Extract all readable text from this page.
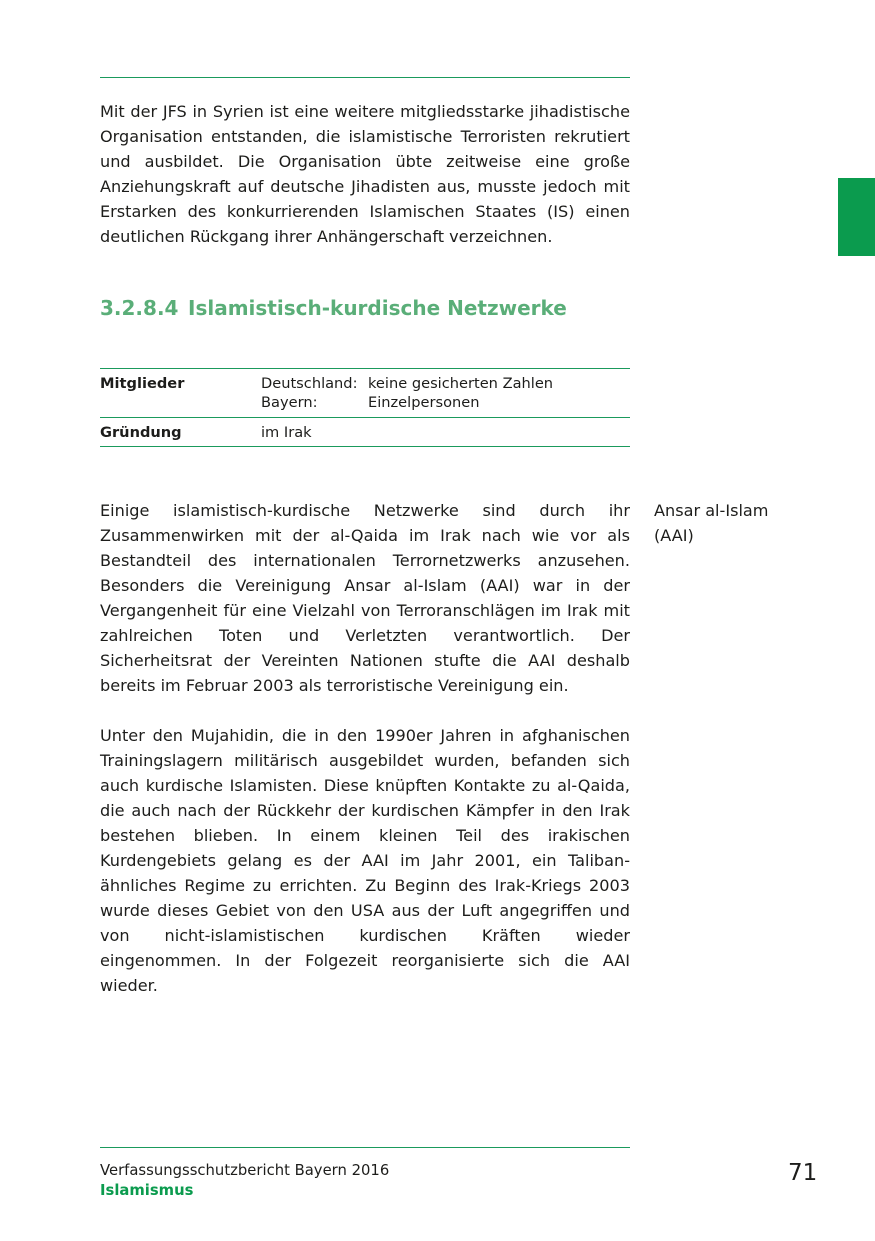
Mit der JFS in Syrien ist eine weitere mitgliedsstarke jihadistische Organisation entstanden, die islamistische Terroristen rekrutiert und ausbildet. Die Organisation übte zeitweise eine große Anziehungskraft auf deutsche Jihadisten aus, musste jedoch mit Erstarken des konkurrierenden Islamischen Staates (IS) einen deutlichen Rückgang ihrer Anhängerschaft verzeichnen.

3.2.8.4 Islamistisch-kurdische Netzwerke
Mitglieder	Deutschland: keine gesicherten Zahlen
Bayern:	Einzelpersonen
Gründung	im Irak

Einige islamistisch-kurdische Netzwerke sind durch ihr Zusammenwirken mit der al-Qaida im Irak nach wie vor als Bestandteil des internationalen Terrornetzwerks anzusehen. Besonders die Vereinigung Ansar al-Islam (AAI) war in der Vergangenheit für eine Vielzahl von Terroranschlägen im Irak mit zahlreichen Toten und Verletzten verantwortlich. Der Sicherheitsrat der Vereinten Nationen stufte die AAI deshalb bereits im Februar 2003 als terroristische Vereinigung ein.

Unter den Mujahidin, die in den 1990er Jahren in afghanischen Trainingslagern militärisch ausgebildet wurden, befanden sich auch kurdische Islamisten. Diese knüpften Kontakte zu al-Qaida, die auch nach der Rückkehr der kurdischen Kämpfer in den Irak bestehen blieben. In einem kleinen Teil des irakischen Kurdengebiets gelang es der AAI im Jahr 2001, ein Taliban-ähnliches Regime zu errichten. Zu Beginn des Irak-Kriegs 2003 wurde dieses Gebiet von den USA aus der Luft angegriffen und von nicht-islamistischen kurdischen Kräften wieder eingenommen. In der Folgezeit reorganisierte sich die AAI wieder.

Ansar al-Islam
(AAI)
Verfassungsschutzbericht Bayern 2016
Islamismus
71
